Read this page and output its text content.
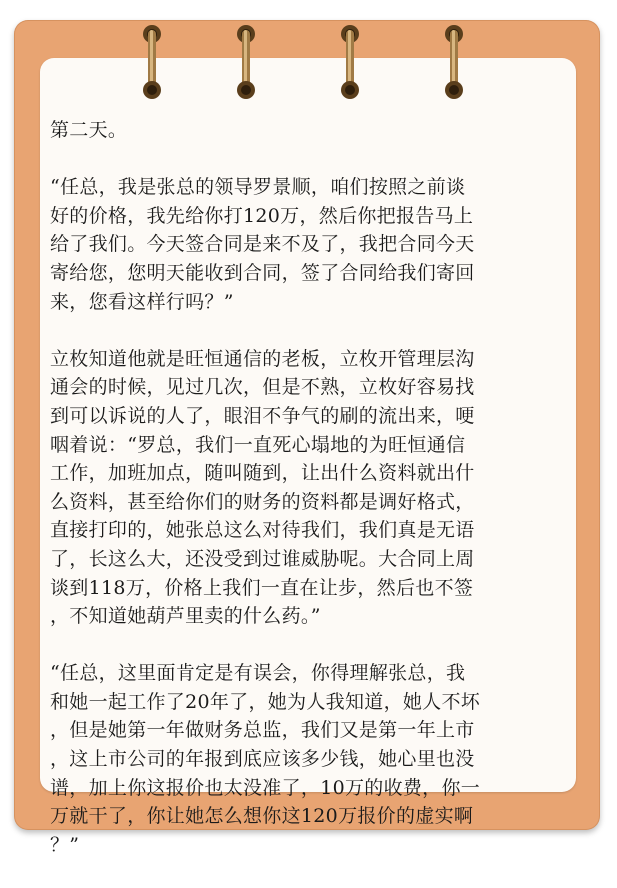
第二天。

“任总，我是张总的领导罗景顺，咱们按照之前谈
好的价格，我先给你打120万，然后你把报告马上
给了我们。今天签合同是来不及了，我把合同今天
寄给您，您明天能收到合同，签了合同给我们寄回
来，您看这样行吗？”

立枚知道他就是旺恒通信的老板，立枚开管理层沟
通会的时候，见过几次，但是不熟，立枚好容易找
到可以诉说的人了，眼泪不争气的刷的流出来，哽
咽着说：“罗总，我们一直死心塌地的为旺恒通信
工作，加班加点，随叫随到，让出什么资料就出什
么资料，甚至给你们的财务的资料都是调好格式，
直接打印的，她张总这么对待我们，我们真是无语
了，长这么大，还没受到过谁威胁呢。大合同上周
谈到118万，价格上我们一直在让步，然后也不签
，不知道她葫芦里卖的什么药。”

“任总，这里面肯定是有误会，你得理解张总，我
和她一起工作了20年了，她为人我知道，她人不坏
，但是她第一年做财务总监，我们又是第一年上市
，这上市公司的年报到底应该多少钱，她心里也没
谱，加上你这报价也太没准了，10万的收费，你一
万就干了，你让她怎么想你这120万报价的虚实啊
？”
